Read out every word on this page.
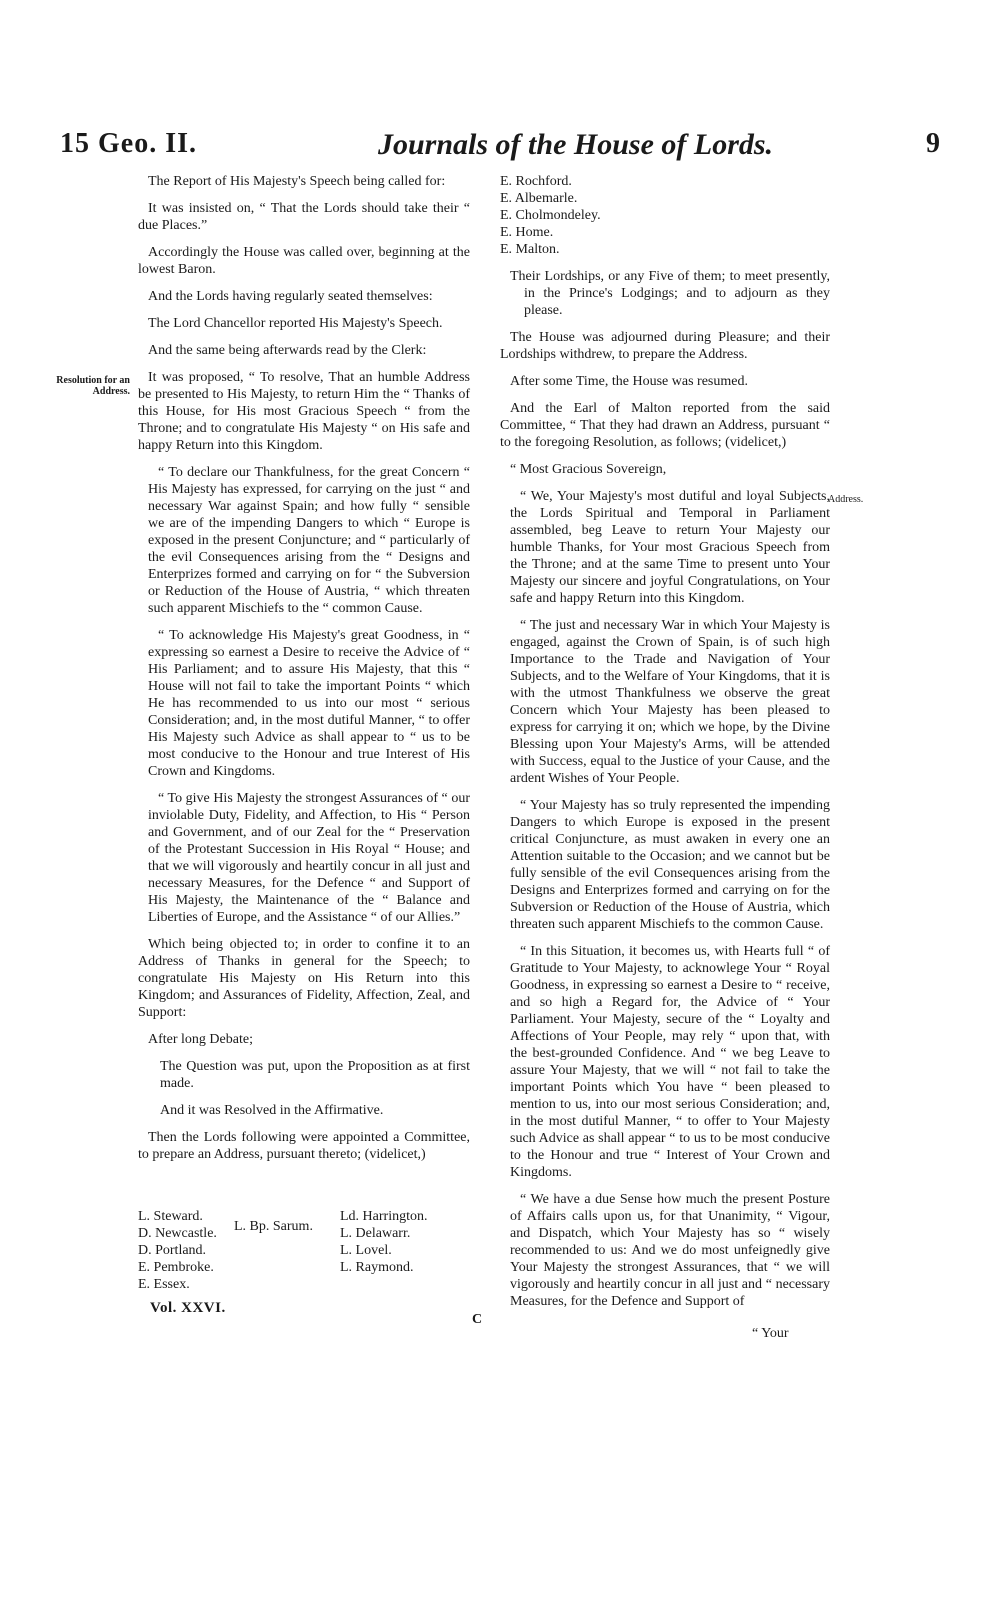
15 Geo. II.	Journals of the House of Lords.	9
Resolution for an Address.
Address.

The Report of His Majesty's Speech being called for:

It was insisted on, “ That the Lords should take their “ due Places.”

Accordingly the House was called over, beginning at the lowest Baron.

And the Lords having regularly seated themselves:

The Lord Chancellor reported His Majesty's Speech.

And the same being afterwards read by the Clerk:

It was proposed, “ To resolve, That an humble Address be presented to His Majesty, to return Him the “ Thanks of this House, for His most Gracious Speech “ from the Throne; and to congratulate His Majesty “ on His safe and happy Return into this Kingdom.

“ To declare our Thankfulness, for the great Concern “ His Majesty has expressed, for carrying on the just “ and necessary War against Spain; and how fully “ sensible we are of the impending Dangers to which “ Europe is exposed in the present Conjuncture; and “ particularly of the evil Consequences arising from the “ Designs and Enterprizes formed and carrying on for “ the Subversion or Reduction of the House of Austria, “ which threaten such apparent Mischiefs to the “ common Cause.

“ To acknowledge His Majesty's great Goodness, in “ expressing so earnest a Desire to receive the Advice of “ His Parliament; and to assure His Majesty, that this “ House will not fail to take the important Points “ which He has recommended to us into our most “ serious Consideration; and, in the most dutiful Manner, “ to offer His Majesty such Advice as shall appear to “ us to be most conducive to the Honour and true Interest of His Crown and Kingdoms.

“ To give His Majesty the strongest Assurances of “ our inviolable Duty, Fidelity, and Affection, to His “ Person and Government, and of our Zeal for the “ Preservation of the Protestant Succession in His Royal “ House; and that we will vigorously and heartily concur in all just and necessary Measures, for the Defence “ and Support of His Majesty, the Maintenance of the “ Balance and Liberties of Europe, and the Assistance “ of our Allies.”

Which being objected to; in order to confine it to an Address of Thanks in general for the Speech; to congratulate His Majesty on His Return into this Kingdom; and Assurances of Fidelity, Affection, Zeal, and Support:

After long Debate;

The Question was put, upon the Proposition as at first made.

And it was Resolved in the Affirmative.

Then the Lords following were appointed a Committee, to prepare an Address, pursuant thereto; (videlicet,)

L. Steward.
D. Newcastle.
D. Portland.
E. Pembroke.
E. Essex.
L. Bp. Sarum.
Ld. Harrington.
L. Delawarr.
L. Lovel.
L. Raymond.
Vol. XXVI.
C
“ Your
E. Rochford.
E. Albemarle.
E. Cholmondeley.
E. Home.
E. Malton.

Their Lordships, or any Five of them; to meet presently, in the Prince's Lodgings; and to adjourn as they please.

The House was adjourned during Pleasure; and their Lordships withdrew, to prepare the Address.

After some Time, the House was resumed.

And the Earl of Malton reported from the said Committee, “ That they had drawn an Address, pursuant “ to the foregoing Resolution, as follows; (videlicet,)

“ Most Gracious Sovereign,

“ We, Your Majesty's most dutiful and loyal Subjects, the Lords Spiritual and Temporal in Parliament assembled, beg Leave to return Your Majesty our humble Thanks, for Your most Gracious Speech from the Throne; and at the same Time to present unto Your Majesty our sincere and joyful Congratulations, on Your safe and happy Return into this Kingdom.

“ The just and necessary War in which Your Majesty is engaged, against the Crown of Spain, is of such high Importance to the Trade and Navigation of Your Subjects, and to the Welfare of Your Kingdoms, that it is with the utmost Thankfulness we observe the great Concern which Your Majesty has been pleased to express for carrying it on; which we hope, by the Divine Blessing upon Your Majesty's Arms, will be attended with Success, equal to the Justice of your Cause, and the ardent Wishes of Your People.

“ Your Majesty has so truly represented the impending Dangers to which Europe is exposed in the present critical Conjuncture, as must awaken in every one an Attention suitable to the Occasion; and we cannot but be fully sensible of the evil Consequences arising from the Designs and Enterprizes formed and carrying on for the Subversion or Reduction of the House of Austria, which threaten such apparent Mischiefs to the common Cause.

“ In this Situation, it becomes us, with Hearts full “ of Gratitude to Your Majesty, to acknowlege Your “ Royal Goodness, in expressing so earnest a Desire to “ receive, and so high a Regard for, the Advice of “ Your Parliament. Your Majesty, secure of the “ Loyalty and Affections of Your People, may rely “ upon that, with the best-grounded Confidence. And “ we beg Leave to assure Your Majesty, that we will “ not fail to take the important Points which You have “ been pleased to mention to us, into our most serious Consideration; and, in the most dutiful Manner, “ to offer to Your Majesty such Advice as shall appear “ to us to be most conducive to the Honour and true “ Interest of Your Crown and Kingdoms.

“ We have a due Sense how much the present Posture of Affairs calls upon us, for that Unanimity, “ Vigour, and Dispatch, which Your Majesty has so “ wisely recommended to us: And we do most unfeignedly give Your Majesty the strongest Assurances, that “ we will vigorously and heartily concur in all just and “ necessary Measures, for the Defence and Support of
